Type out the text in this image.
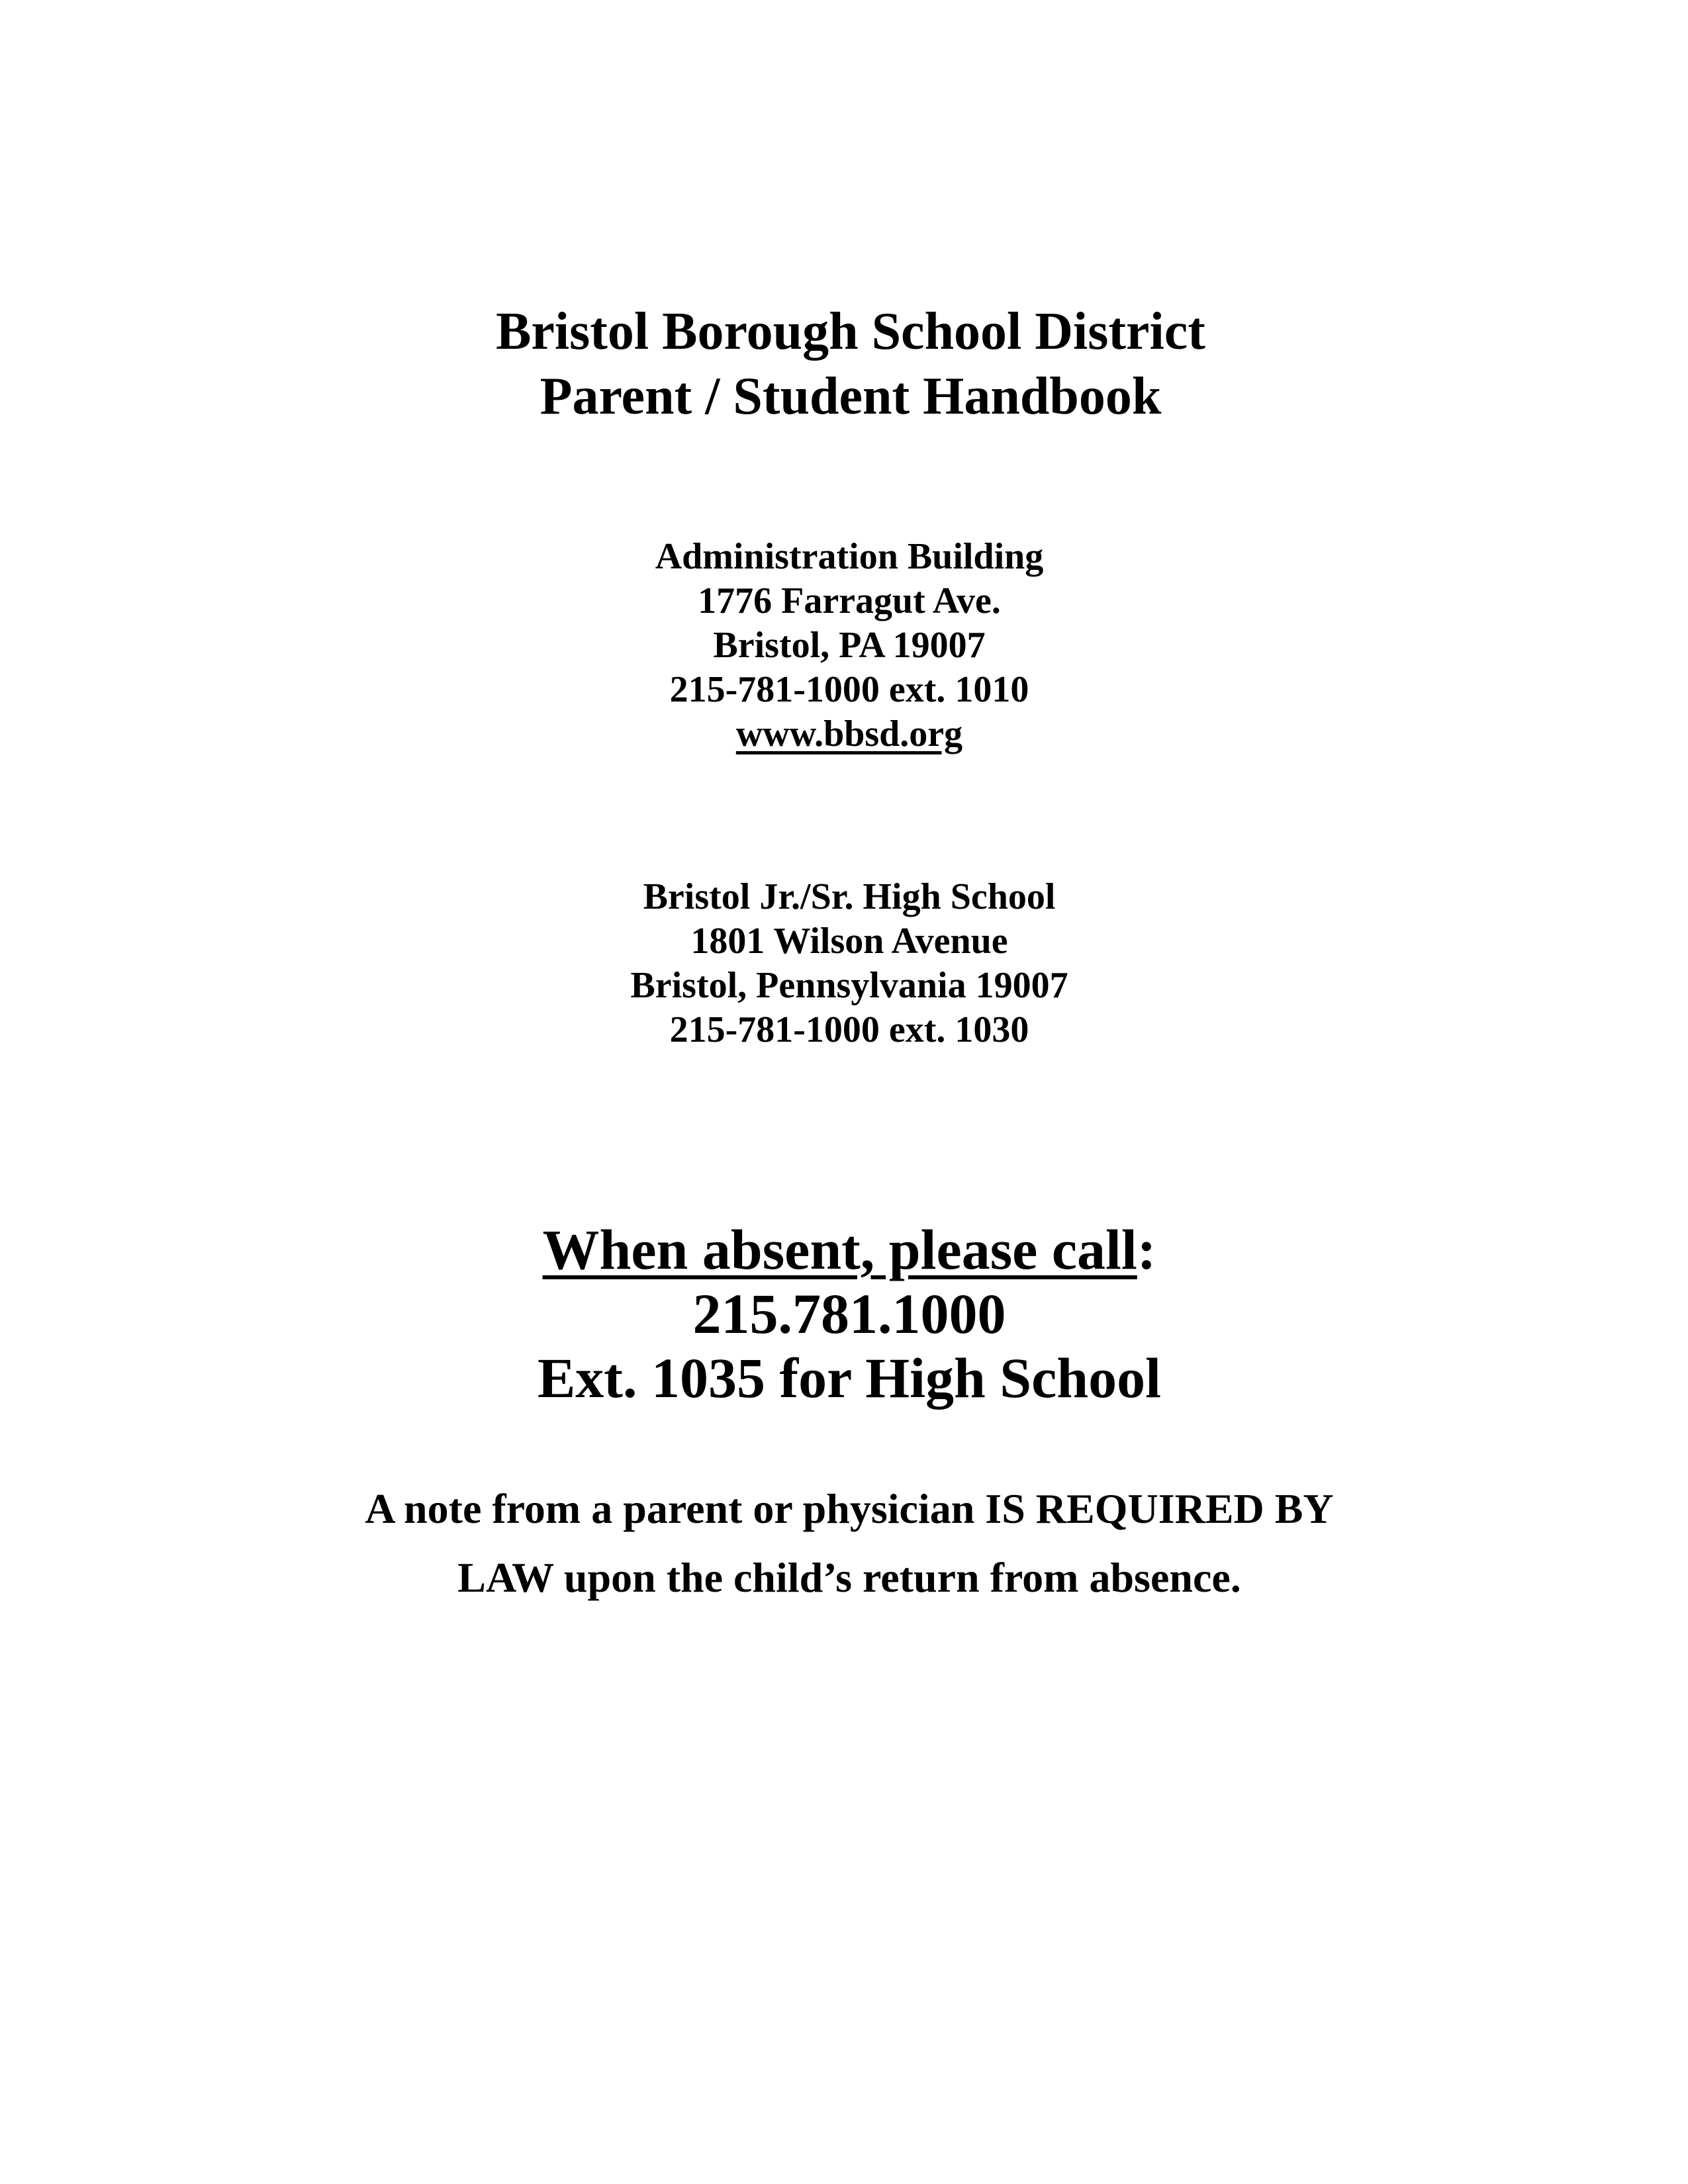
Bristol Borough School District
Parent / Student Handbook
Administration Building
1776 Farragut Ave.
Bristol, PA 19007
215-781-1000 ext. 1010
www.bbsd.org
Bristol Jr./Sr. High School
1801 Wilson Avenue
Bristol, Pennsylvania 19007
215-781-1000 ext. 1030
When absent, please call:
215.781.1000
Ext. 1035 for High School
A note from a parent or physician IS REQUIRED BY
LAW upon the child’s return from absence.
